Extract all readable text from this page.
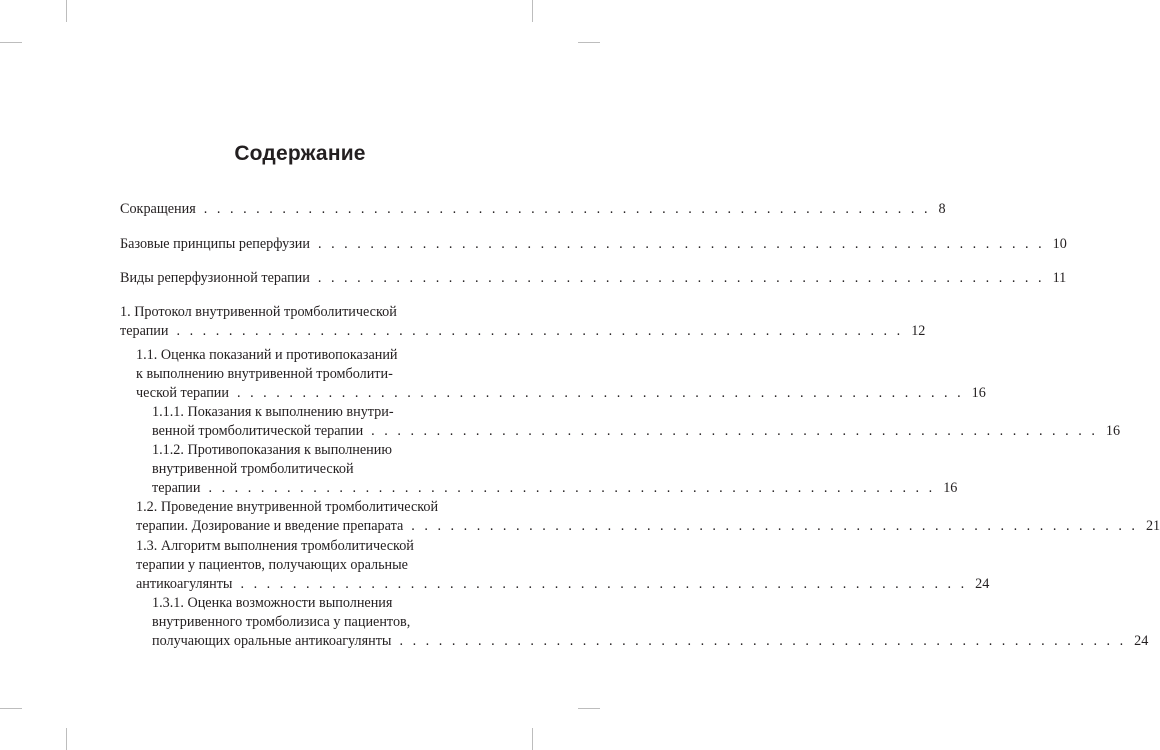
Содержание
Сокращения . . . . . . . . . . . . . . . . . . . . . . . . . . . . . . . . . . . . . . . . . . . . . . . . . . . . . . . . 8
Базовые принципы реперфузии . . . . . . . . . . . . . . . . . . . . . . . . . . . . . . . . . . . . . . . . . . . . . . . . . . . . . . . . 10
Виды реперфузионной терапии . . . . . . . . . . . . . . . . . . . . . . . . . . . . . . . . . . . . . . . . . . . . . . . . . . . . . . . . 11
1. Протокол внутривенной тромболитической
терапии . . . . . . . . . . . . . . . . . . . . . . . . . . . . . . . . . . . . . . . . . . . . . . . . . . . . . . . . 12
1.1. Оценка показаний и противопоказаний
к выполнению внутривенной тромболити-
ческой терапии . . . . . . . . . . . . . . . . . . . . . . . . . . . . . . . . . . . . . . . . . . . . . . . . . . . . . . . . 16
1.1.1. Показания к выполнению внутри-
венной тромболитической терапии . . . . . . . . . . . . . . . . . . . . . . . . . . . . . . . . . . . . . . . . . . . . . . . . . . . . . . . . 16
1.1.2. Противопоказания к выполнению
внутривенной тромболитической
терапии . . . . . . . . . . . . . . . . . . . . . . . . . . . . . . . . . . . . . . . . . . . . . . . . . . . . . . . . 16
1.2. Проведение внутривенной тромболитической
терапии. Дозирование и введение препарата . . . . . . . . . . . . . . . . . . . . . . . . . . . . . . . . . . . . . . . . . . . . . . . . . . . . . . . . 21
1.3. Алгоритм выполнения тромболитической
терапии у пациентов, получающих оральные
антикоагулянты . . . . . . . . . . . . . . . . . . . . . . . . . . . . . . . . . . . . . . . . . . . . . . . . . . . . . . . . 24
1.3.1. Оценка возможности выполнения
внутривенного тромболизиса у пациентов,
получающих оральные антикоагулянты . . . . . . . . . . . . . . . . . . . . . . . . . . . . . . . . . . . . . . . . . . . . . . . . . . . . . . . . 24
